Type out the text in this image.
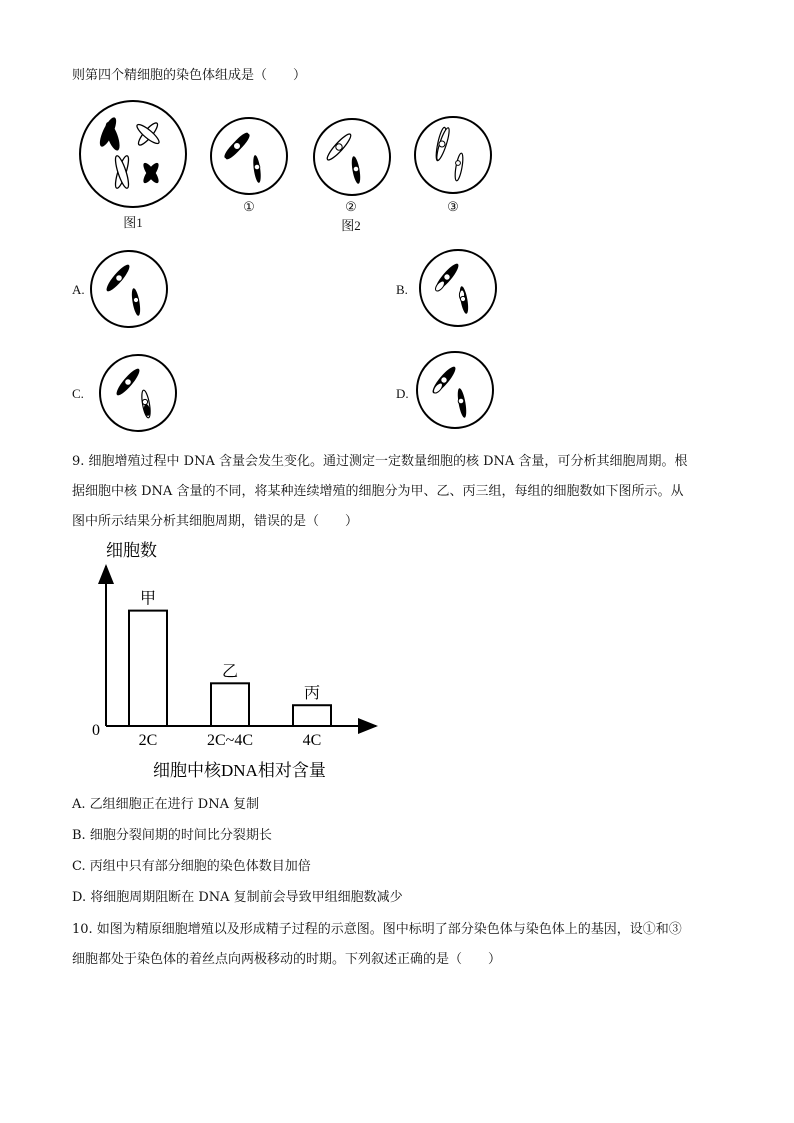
则第四个精细胞的染色体组成是（　　）
图1
①	②
图2
③
A.	B.
C.	D.
9. 细胞增殖过程中 DNA 含量会发生变化。通过测定一定数量细胞的核 DNA 含量，可分析其细胞周期。根
据细胞中核 DNA 含量的不同，将某种连续增殖的细胞分为甲、乙、丙三组，每组的细胞数如下图所示。从
图中所示结果分析其细胞周期，错误的是（　　）
细胞数
0
甲
2C
乙
2C~4C
丙
4C
细胞中核DNA相对含量
A. 乙组细胞正在进行 DNA 复制
B. 细胞分裂间期的时间比分裂期长
C. 丙组中只有部分细胞的染色体数目加倍
D. 将细胞周期阻断在 DNA 复制前会导致甲组细胞数减少
10. 如图为精原细胞增殖以及形成精子过程的示意图。图中标明了部分染色体与染色体上的基因，设①和③
细胞都处于染色体的着丝点向两极移动的时期。下列叙述正确的是（　　）
